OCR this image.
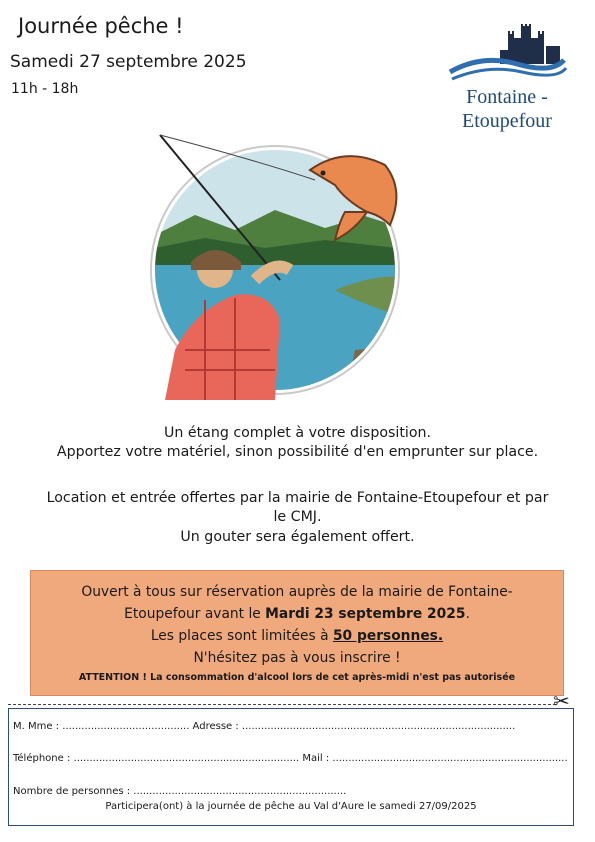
Journée pêche !
Samedi 27 septembre 2025
11h - 18h	Fontaine -
Etoupefour
Un étang complet à votre disposition.
Apportez votre matériel, sinon possibilité d'en emprunter sur place.
Location et entrée offertes par la mairie de Fontaine-Etoupefour et par
le CMJ.
Un gouter sera également offert.
Ouvert à tous sur réservation auprès de la mairie de Fontaine-
Etoupefour avant le Mardi 23 septembre 2025.
Les places sont limitées à 50 personnes.
N'hésitez pas à vous inscrire !
ATTENTION ! La consommation d'alcool lors de cet après-midi n'est pas autorisée
✂
M. Mme : ........................................ Adresse : ......................................................................................
Téléphone : ....................................................................... Mail : ..........................................................................
Nombre de personnes : ...................................................................
Participera(ont) à la journée de pêche au Val d'Aure le samedi 27/09/2025
